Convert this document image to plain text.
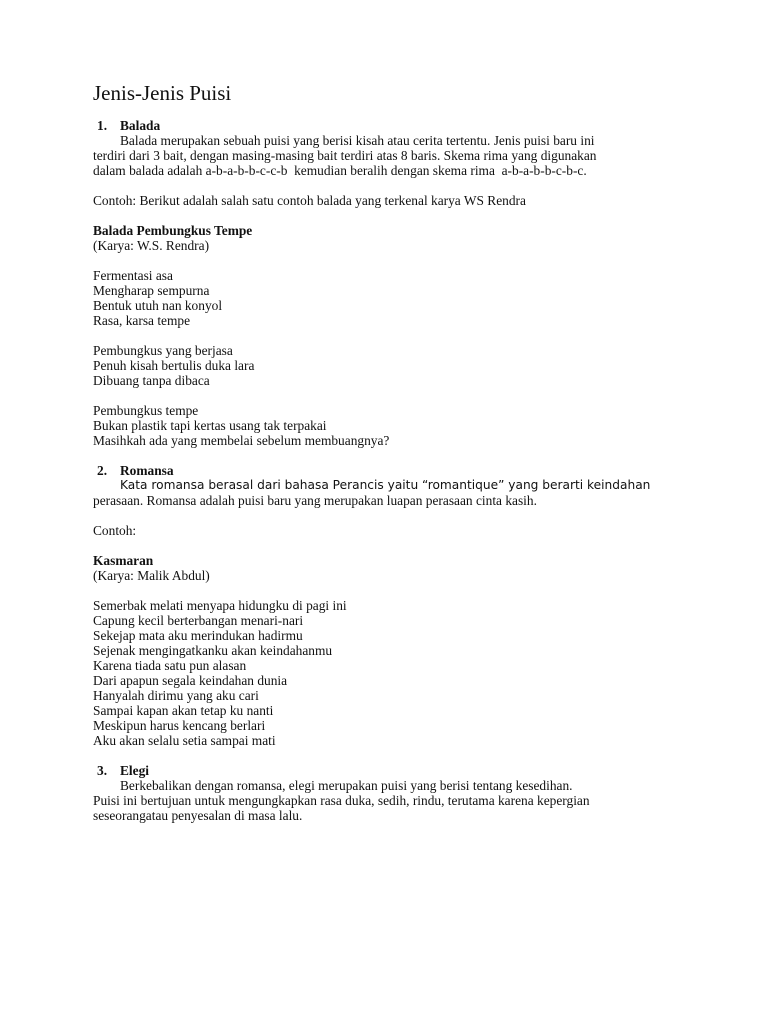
Jenis-Jenis Puisi
1. Balada
Balada merupakan sebuah puisi yang berisi kisah atau cerita tertentu. Jenis puisi baru ini
terdiri dari 3 bait, dengan masing-masing bait terdiri atas 8 baris. Skema rima yang digunakan
dalam balada adalah a-b-a-b-b-c-c-b  kemudian beralih dengan skema rima  a-b-a-b-b-c-b-c.
Contoh: Berikut adalah salah satu contoh balada yang terkenal karya WS Rendra
Balada Pembungkus Tempe
(Karya: W.S. Rendra)
Fermentasi asa
Mengharap sempurna
Bentuk utuh nan konyol
Rasa, karsa tempe
Pembungkus yang berjasa
Penuh kisah bertulis duka lara
Dibuang tanpa dibaca
Pembungkus tempe
Bukan plastik tapi kertas usang tak terpakai
Masihkah ada yang membelai sebelum membuangnya?
2. Romansa
Kata romansa berasal dari bahasa Perancis yaitu “romantique” yang berarti keindahan
perasaan. Romansa adalah puisi baru yang merupakan luapan perasaan cinta kasih.
Contoh:
Kasmaran
(Karya: Malik Abdul)
Semerbak melati menyapa hidungku di pagi ini
Capung kecil berterbangan menari-nari
Sekejap mata aku merindukan hadirmu
Sejenak mengingatkanku akan keindahanmu
Karena tiada satu pun alasan
Dari apapun segala keindahan dunia
Hanyalah dirimu yang aku cari
Sampai kapan akan tetap ku nanti
Meskipun harus kencang berlari
Aku akan selalu setia sampai mati
3. Elegi
Berkebalikan dengan romansa, elegi merupakan puisi yang berisi tentang kesedihan.
Puisi ini bertujuan untuk mengungkapkan rasa duka, sedih, rindu, terutama karena kepergian
seseorangatau penyesalan di masa lalu.
